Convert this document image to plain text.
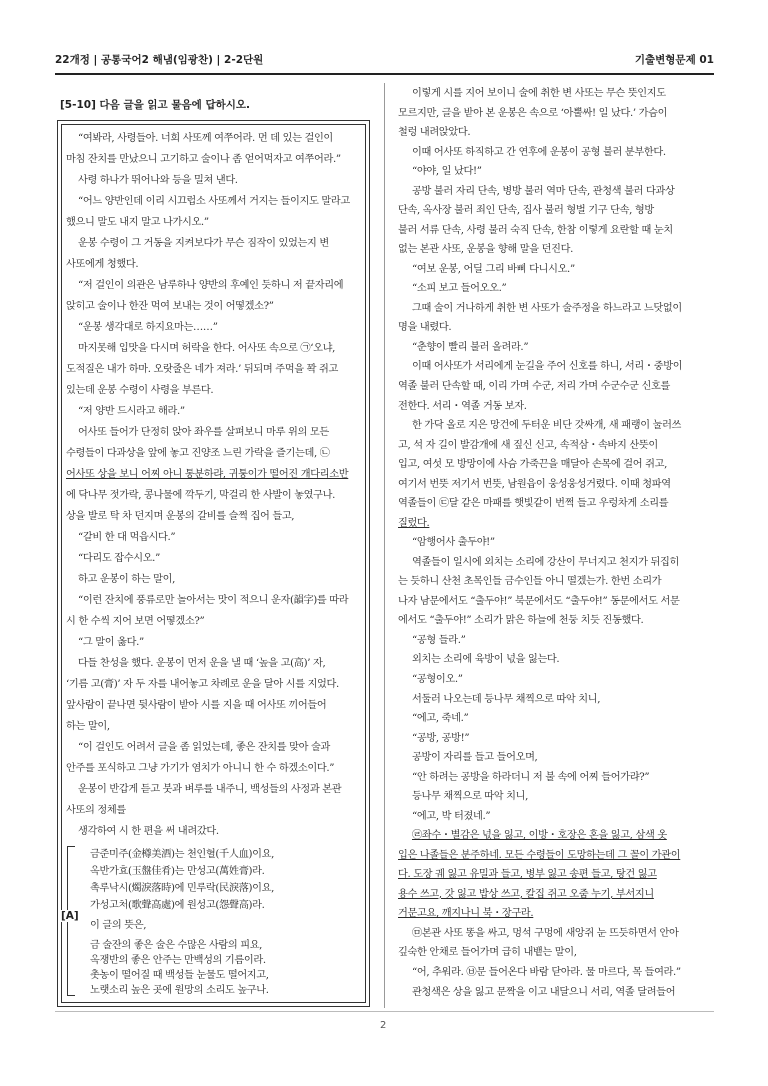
22개정 | 공통국어2 해냄(임광찬) | 2-2단원	기출변형문제 01
[5-10] 다음 글을 읽고 물음에 답하시오.
“여봐라, 사령들아. 너희 사또께 여쭈어라. 먼 데 있는 걸인이
마침 잔치를 만났으니 고기하고 술이나 좀 얻어먹자고 여쭈어라.”
사령 하나가 뛰어나와 등을 밀쳐 낸다.
“어느 양반인데 이리 시끄럽소 사또께서 거지는 들이지도 말라고
했으니 말도 내지 말고 나가시오.”
운봉 수령이 그 거동을 지켜보다가 무슨 짐작이 있었는지 변
사또에게 청했다.
“저 걸인이 의관은 남루하나 양반의 후예인 듯하니 저 끝자리에
앉히고 술이나 한잔 먹여 보내는 것이 어떻겠소?”
“운봉 생각대로 하지요마는……”
마지못해 입맛을 다시며 허락을 한다. 어사또 속으로 ㉠‘오냐,
도적질은 내가 하마. 오랏줄은 네가 져라.’ 뒤되며 주먹을 꽉 쥐고
있는데 운봉 수령이 사령을 부른다.
“저 양반 드시라고 해라.”
어사또 들어가 단정히 앉아 좌우를 살펴보니 마루 위의 모든
수령들이 다과상을 앞에 놓고 진양조 느린 가락을 즐기는데, ㉡
어사또 상을 보니 어찌 아니 통분하랴, 귀퉁이가 떨어진 개다리소반
에 닥나무 젓가락, 콩나물에 깍두기, 막걸리 한 사발이 놓였구나.
상을 발로 탁 차 던지며 운봉의 갈비를 슬쩍 집어 들고,
“갈비 한 대 먹읍시다.”
“다리도 잡수시오.”
하고 운봉이 하는 말이,
“이런 잔치에 풍류로만 놀아서는 맛이 적으니 운자(韻字)를 따라
시 한 수씩 지어 보면 어떻겠소?”
“그 말이 옳다.”
다들 찬성을 했다. 운봉이 먼저 운을 낼 때 ‘높을 고(高)’ 자,
‘기름 고(膏)’ 자 두 자를 내어놓고 차례로 운을 달아 시를 지었다.
앞사람이 끝나면 뒷사람이 받아 시를 지을 때 어사또 끼어들어
하는 말이,
“이 걸인도 어려서 글을 좀 읽었는데, 좋은 잔치를 맞아 술과
안주를 포식하고 그냥 가기가 염치가 아니니 한 수 하겠소이다.”
운봉이 반갑게 듣고 붓과 벼루를 내주니, 백성들의 사정과 본관
사또의 정체를
생각하여 시 한 편을 써 내려갔다.
[A]
금준미주(金樽美酒)는 천인혈(千人血)이요,
옥반가효(玉盤佳肴)는 만성고(萬姓膏)라.
촉루낙시(燭淚落時)에 민루락(民淚落)이요,
가성고처(歌聲高處)에 원성고(怨聲高)라.
이 글의 뜻은,
금 술잔의 좋은 술은 수많은 사람의 피요,
옥쟁반의 좋은 안주는 만백성의 기름이라.
촛농이 떨어질 때 백성들 눈물도 떨어지고,
노랫소리 높은 곳에 원망의 소리도 높구나.
이렇게 시를 지어 보이니 술에 취한 변 사또는 무슨 뜻인지도
모르지만, 글을 받아 본 운봉은 속으로 ‘아뿔싸! 일 났다.’ 가슴이
철렁 내려앉았다.
이때 어사또 하직하고 간 연후에 운봉이 공형 불러 분부한다.
“야야, 일 났다!”
공방 불러 자리 단속, 병방 불러 역마 단속, 관청색 불러 다과상
단속, 옥사장 불러 죄인 단속, 집사 불러 형벌 기구 단속, 형방
불러 서류 단속, 사령 불러 숙직 단속, 한참 이렇게 요란할 때 눈치
없는 본관 사또, 운봉을 향해 말을 던진다.
“여보 운봉, 어딜 그리 바삐 다니시오.”
“소피 보고 들어오오.”
그때 술이 거나하게 취한 변 사또가 술주정을 하느라고 느닷없이
명을 내렸다.
“춘향이 빨리 불러 올려라.”
이때 어사또가 서리에게 눈길을 주어 신호를 하니, 서리・중방이
역졸 불러 단속할 때, 이리 가며 수군, 저리 가며 수군수군 신호를
전한다. 서리・역졸 거동 보자.
한 가닥 올로 지은 망건에 두터운 비단 갓싸개, 새 패랭이 눌러쓰
고, 석 자 길이 발감개에 새 짚신 신고, 속적삼・속바지 산뜻이
입고, 여섯 모 방망이에 사슴 가죽끈을 매달아 손목에 걸어 쥐고,
여기서 번뜻 저기서 번뜻, 남원읍이 웅성웅성거렸다. 이때 청파역
역졸들이 ㉢달 같은 마패를 햇빛같이 번쩍 들고 우렁차게 소리를
질렀다.
“암행어사 출두야!”
역졸들이 일시에 외치는 소리에 강산이 무너지고 천지가 뒤집히
는 듯하니 산천 초목인들 금수인들 아니 떨겠는가. 한번 소리가
나자 남문에서도 “출두야!” 북문에서도 “출두야!” 동문에서도 서문
에서도 “출두야!” 소리가 맑은 하늘에 천둥 치듯 진동했다.
“공형 들라.”
외치는 소리에 육방이 넋을 잃는다.
“공형이오.”
서둘러 나오는데 등나무 채찍으로 따악 치니,
“에고, 죽네.”
“공방, 공방!”
공방이 자리를 들고 들어오며,
“안 하려는 공방을 하라더니 저 불 속에 어찌 들어가랴?”
등나무 채찍으로 따악 치니,
“에고, 박 터졌네.”
㉣좌수・별감은 넋을 잃고, 이방・호장은 혼을 잃고, 삼색 옷
입은 나졸들은 분주하네. 모든 수령들이 도망하는데 그 꼴이 가관이
다. 도장 궤 잃고 유밀과 들고, 병부 잃고 송편 들고, 탕건 잃고
용수 쓰고, 갓 잃고 밥상 쓰고, 칼집 쥐고 오줌 누기, 부서지니
거문고요, 깨지나니 북・장구라.
㉤본관 사또 똥을 싸고, 멍석 구멍에 새앙쥐 눈 뜨듯하면서 안아
깊숙한 안채로 들어가며 급히 내뱉는 말이,
“어, 추워라. ㉥문 들어온다 바람 닫아라. 물 마르다, 목 들여라.”
관청색은 상을 잃고 문짝을 이고 내달으니 서리, 역졸 달려들어
2
